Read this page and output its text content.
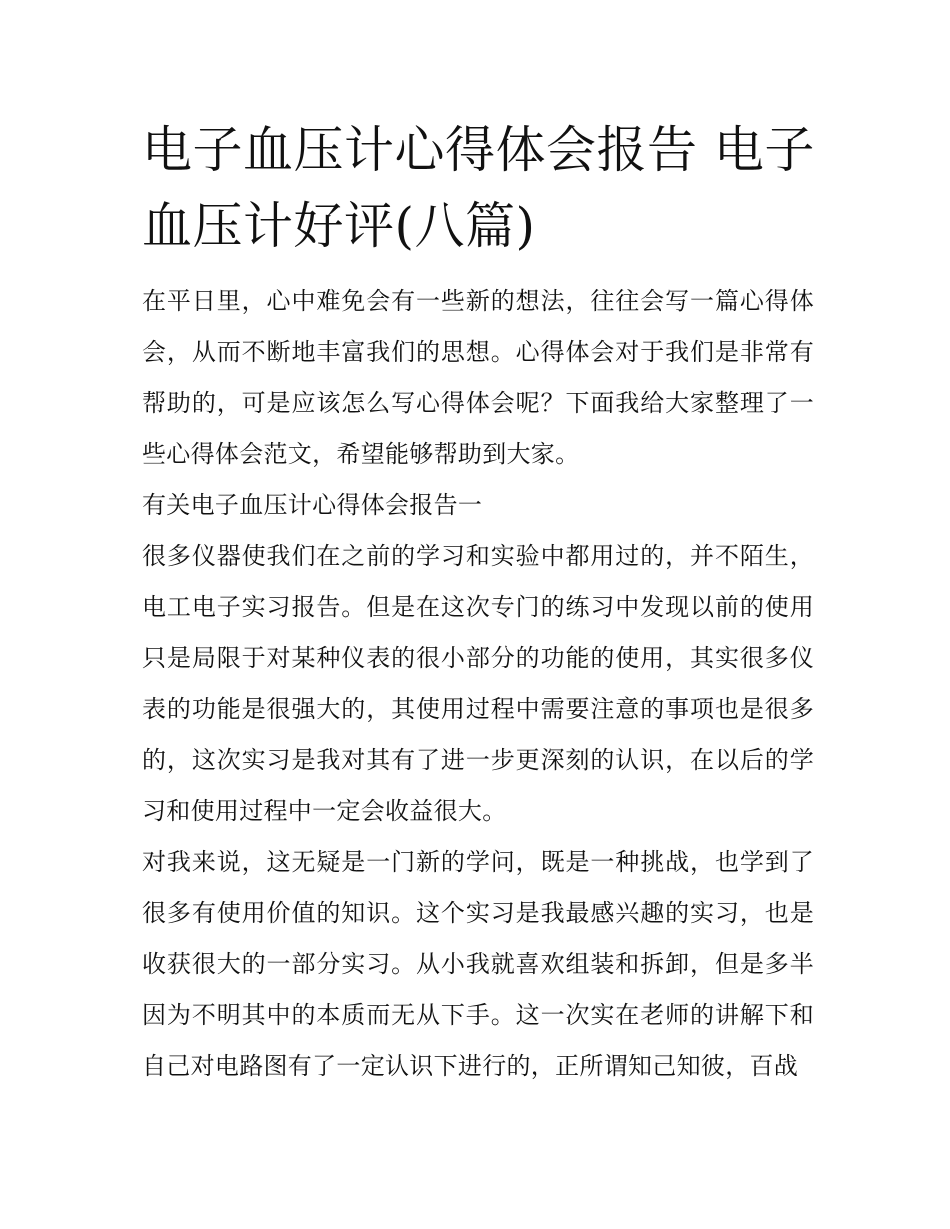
电子血压计心得体会报告 电子血压计好评(八篇)

在平日里，心中难免会有一些新的想法，往往会写一篇心得体会，从而不断地丰富我们的思想。心得体会对于我们是非常有帮助的，可是应该怎么写心得体会呢？下面我给大家整理了一些心得体会范文，希望能够帮助到大家。

有关电子血压计心得体会报告一

很多仪器使我们在之前的学习和实验中都用过的，并不陌生，电工电子实习报告。但是在这次专门的练习中发现以前的使用只是局限于对某种仪表的很小部分的功能的使用，其实很多仪表的功能是很强大的，其使用过程中需要注意的事项也是很多的，这次实习是我对其有了进一步更深刻的认识，在以后的学习和使用过程中一定会收益很大。

对我来说，这无疑是一门新的学问，既是一种挑战，也学到了很多有使用价值的知识。这个实习是我最感兴趣的实习，也是收获很大的一部分实习。从小我就喜欢组装和拆卸，但是多半因为不明其中的本质而无从下手。这一次实在老师的讲解下和自己对电路图有了一定认识下进行的，正所谓知己知彼，百战
